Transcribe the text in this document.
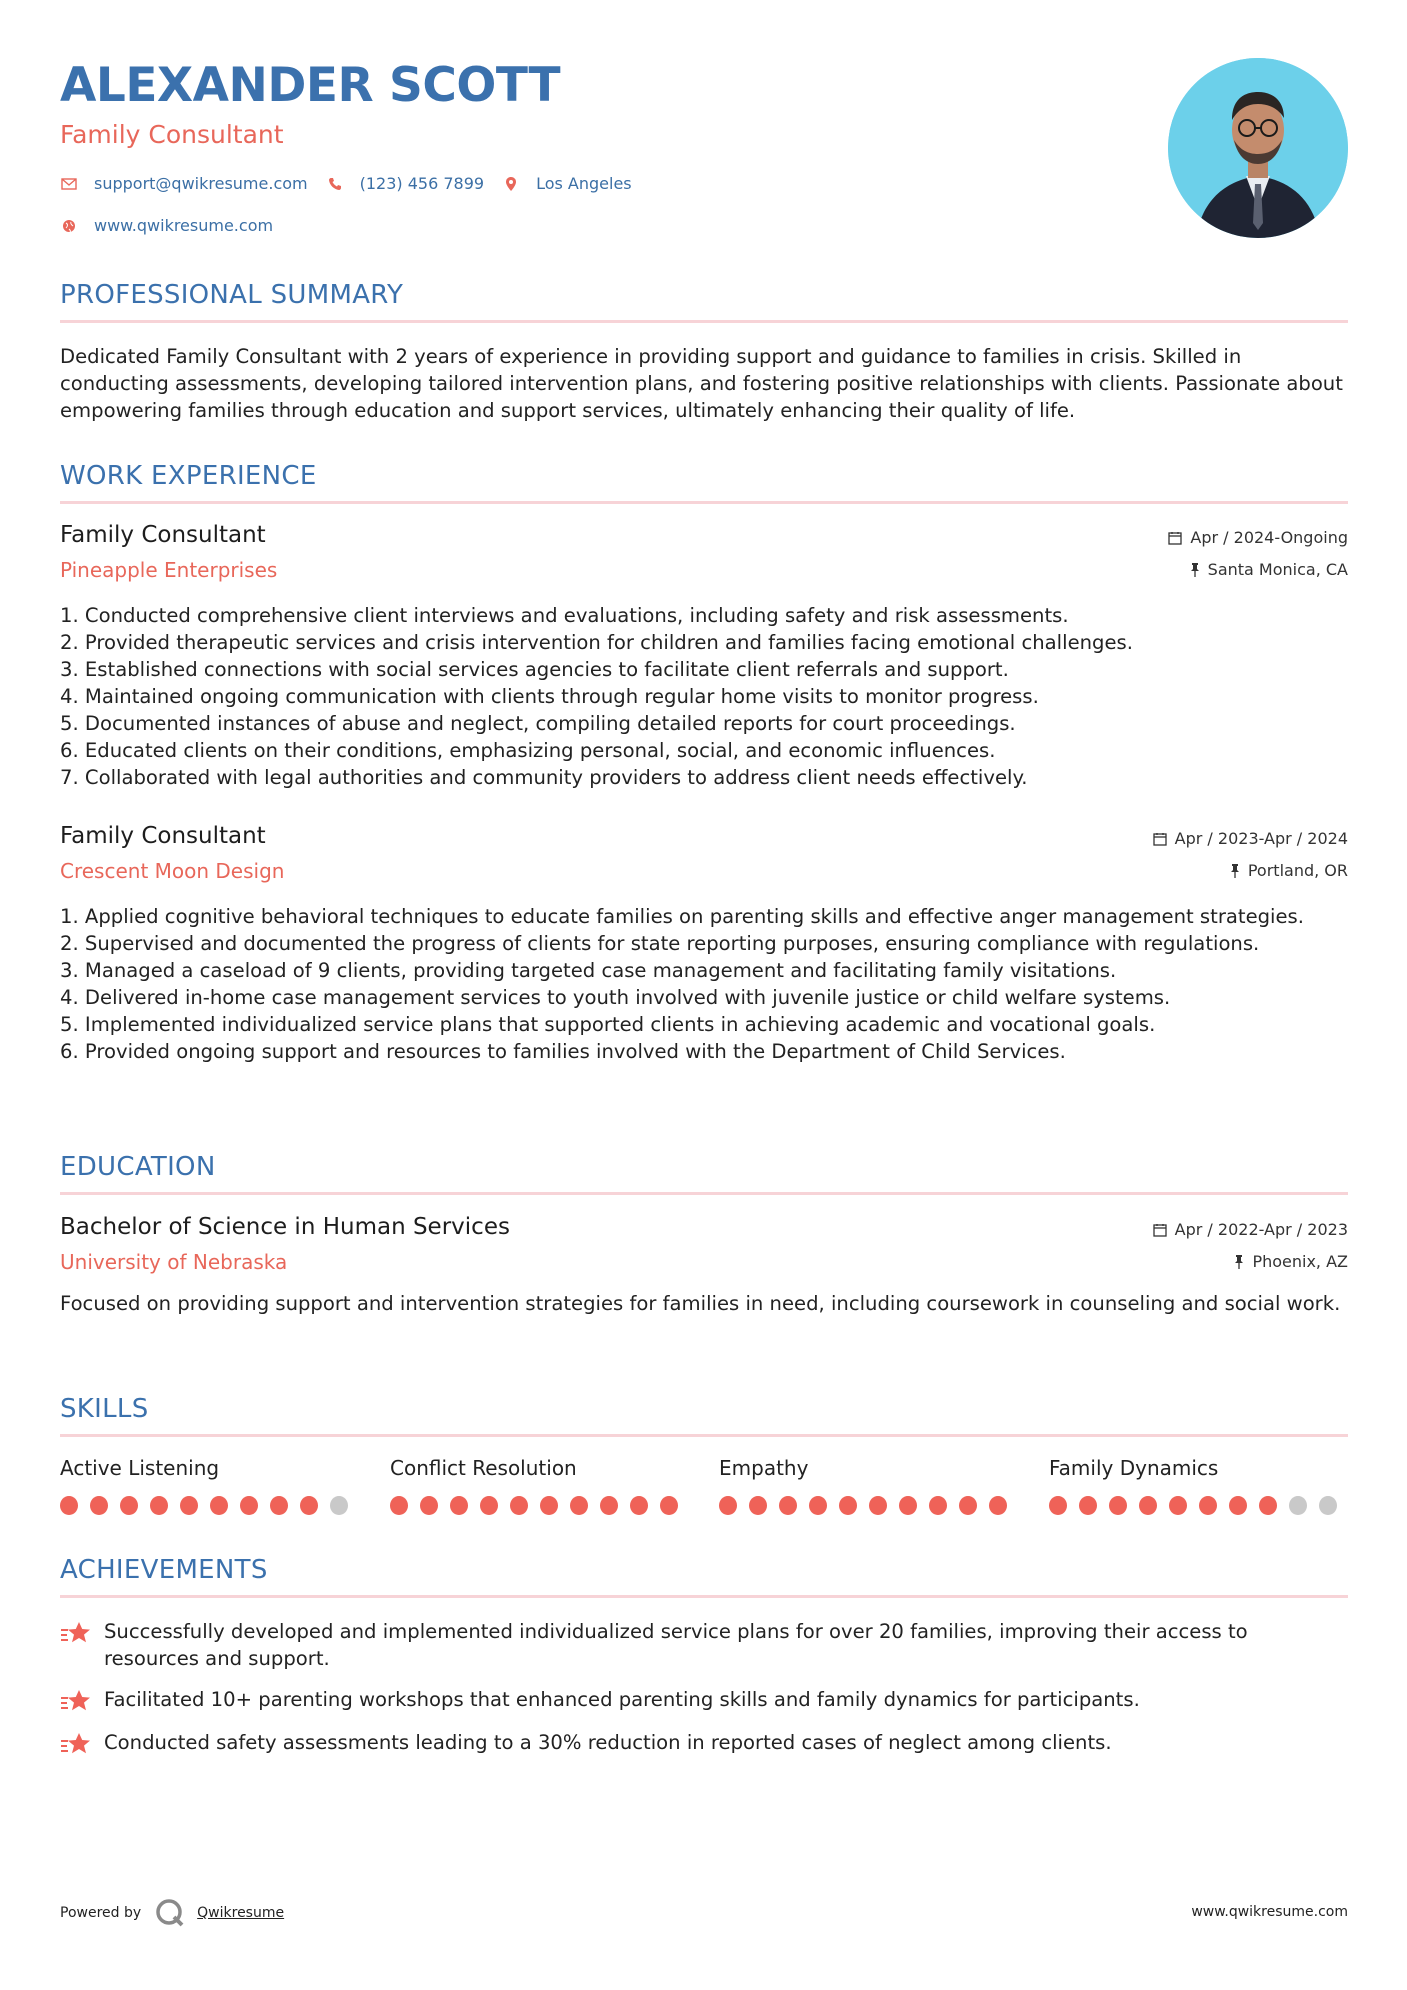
ALEXANDER SCOTT
Family Consultant
support@qwikresume.com	(123) 456 7899	Los Angeles
www.qwikresume.com
PROFESSIONAL SUMMARY
Dedicated Family Consultant with 2 years of experience in providing support and guidance to families in crisis. Skilled in conducting assessments, developing tailored intervention plans, and fostering positive relationships with clients. Passionate about empowering families through education and support services, ultimately enhancing their quality of life.
WORK EXPERIENCE
Family Consultant
Pineapple Enterprises
Apr / 2024-Ongoing
Santa Monica, CA
1. Conducted comprehensive client interviews and evaluations, including safety and risk assessments.
2. Provided therapeutic services and crisis intervention for children and families facing emotional challenges.
3. Established connections with social services agencies to facilitate client referrals and support.
4. Maintained ongoing communication with clients through regular home visits to monitor progress.
5. Documented instances of abuse and neglect, compiling detailed reports for court proceedings.
6. Educated clients on their conditions, emphasizing personal, social, and economic influences.
7. Collaborated with legal authorities and community providers to address client needs effectively.
Family Consultant
Crescent Moon Design
Apr / 2023-Apr / 2024
Portland, OR
1. Applied cognitive behavioral techniques to educate families on parenting skills and effective anger management strategies.
2. Supervised and documented the progress of clients for state reporting purposes, ensuring compliance with regulations.
3. Managed a caseload of 9 clients, providing targeted case management and facilitating family visitations.
4. Delivered in-home case management services to youth involved with juvenile justice or child welfare systems.
5. Implemented individualized service plans that supported clients in achieving academic and vocational goals.
6. Provided ongoing support and resources to families involved with the Department of Child Services.
EDUCATION
Bachelor of Science in Human Services
University of Nebraska
Apr / 2022-Apr / 2023
Phoenix, AZ
Focused on providing support and intervention strategies for families in need, including coursework in counseling and social work.
SKILLS
Active Listening	Conflict Resolution	Empathy	Family Dynamics
ACHIEVEMENTS
Successfully developed and implemented individualized service plans for over 20 families, improving their access to resources and support.
Facilitated 10+ parenting workshops that enhanced parenting skills and family dynamics for participants.
Conducted safety assessments leading to a 30% reduction in reported cases of neglect among clients.
Powered by	Qwikresume	www.qwikresume.com
